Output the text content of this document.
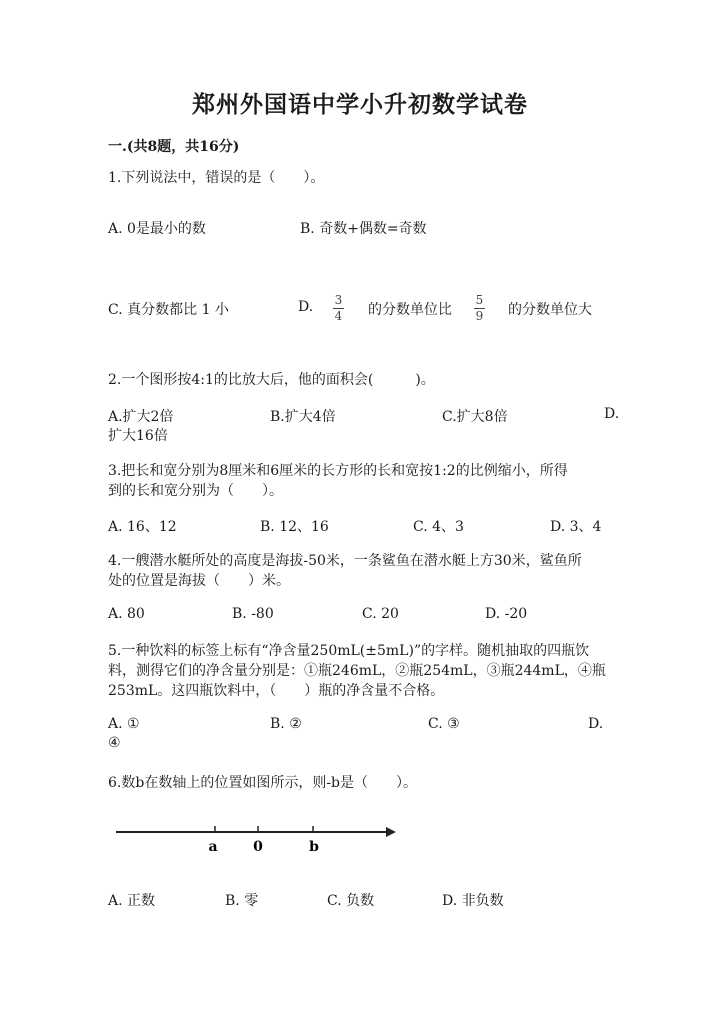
郑州外国语中学小升初数学试卷
一.(共8题，共16分)
1.下列说法中，错误的是（　　）。
A. 0是最小的数	B. 奇数+偶数=奇数
C. 真分数都比 1 小	D. 3
4 的分数单位比
5
9 的分数单位大
2.一个图形按4:1的比放大后，他的面积会(　　　)。
A.扩大2倍	B.扩大4倍	C.扩大8倍	D.
扩大16倍
3.把长和宽分别为8厘米和6厘米的长方形的长和宽按1:2的比例缩小，所得
到的长和宽分别为（　　）。
A. 16、12	B. 12、16	C. 4、3	D. 3、4
4.一艘潜水艇所处的高度是海拔-50米，一条鲨鱼在潜水艇上方30米，鲨鱼所
处的位置是海拔（　　）米。
A. 80	B. -80	C. 20	D. -20
5.一种饮料的标签上标有“净含量250mL(±5mL)”的字样。随机抽取的四瓶饮
料，测得它们的净含量分别是：①瓶246mL，②瓶254mL，③瓶244mL，④瓶
253mL。这四瓶饮料中，（　　）瓶的净含量不合格。
A. ①	B. ②	C. ③	D.
④
6.数b在数轴上的位置如图所示，则-b是（　　）。
a	0	b
A. 正数	B. 零	C. 负数	D. 非负数
